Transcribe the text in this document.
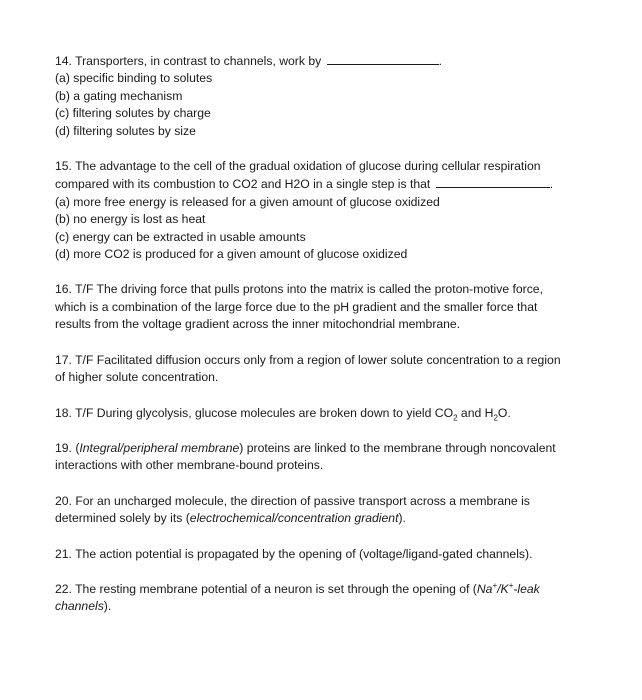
14. Transporters, in contrast to channels, work by	.
(a) specific binding to solutes
(b) a gating mechanism
(c) filtering solutes by charge
(d) filtering solutes by size
15. The advantage to the cell of the gradual oxidation of glucose during cellular respiration
compared with its combustion to CO2 and H2O in a single step is that	.
(a) more free energy is released for a given amount of glucose oxidized
(b) no energy is lost as heat
(c) energy can be extracted in usable amounts
(d) more CO2 is produced for a given amount of glucose oxidized
16. T/F The driving force that pulls protons into the matrix is called the proton-motive force,
which is a combination of the large force due to the pH gradient and the smaller force that
results from the voltage gradient across the inner mitochondrial membrane.
17. T/F Facilitated diffusion occurs only from a region of lower solute concentration to a region
of higher solute concentration.
18. T/F During glycolysis, glucose molecules are broken down to yield $CO_2$ and $H_2O$.
19. (Integral/peripheral membrane) proteins are linked to the membrane through noncovalent
interactions with other membrane-bound proteins.
20. For an uncharged molecule, the direction of passive transport across a membrane is
determined solely by its (electrochemical/concentration gradient).
21. The action potential is propagated by the opening of (voltage/ligand-gated channels).
22. The resting membrane potential of a neuron is set through the opening of (Na+/K+-leak
channels).
